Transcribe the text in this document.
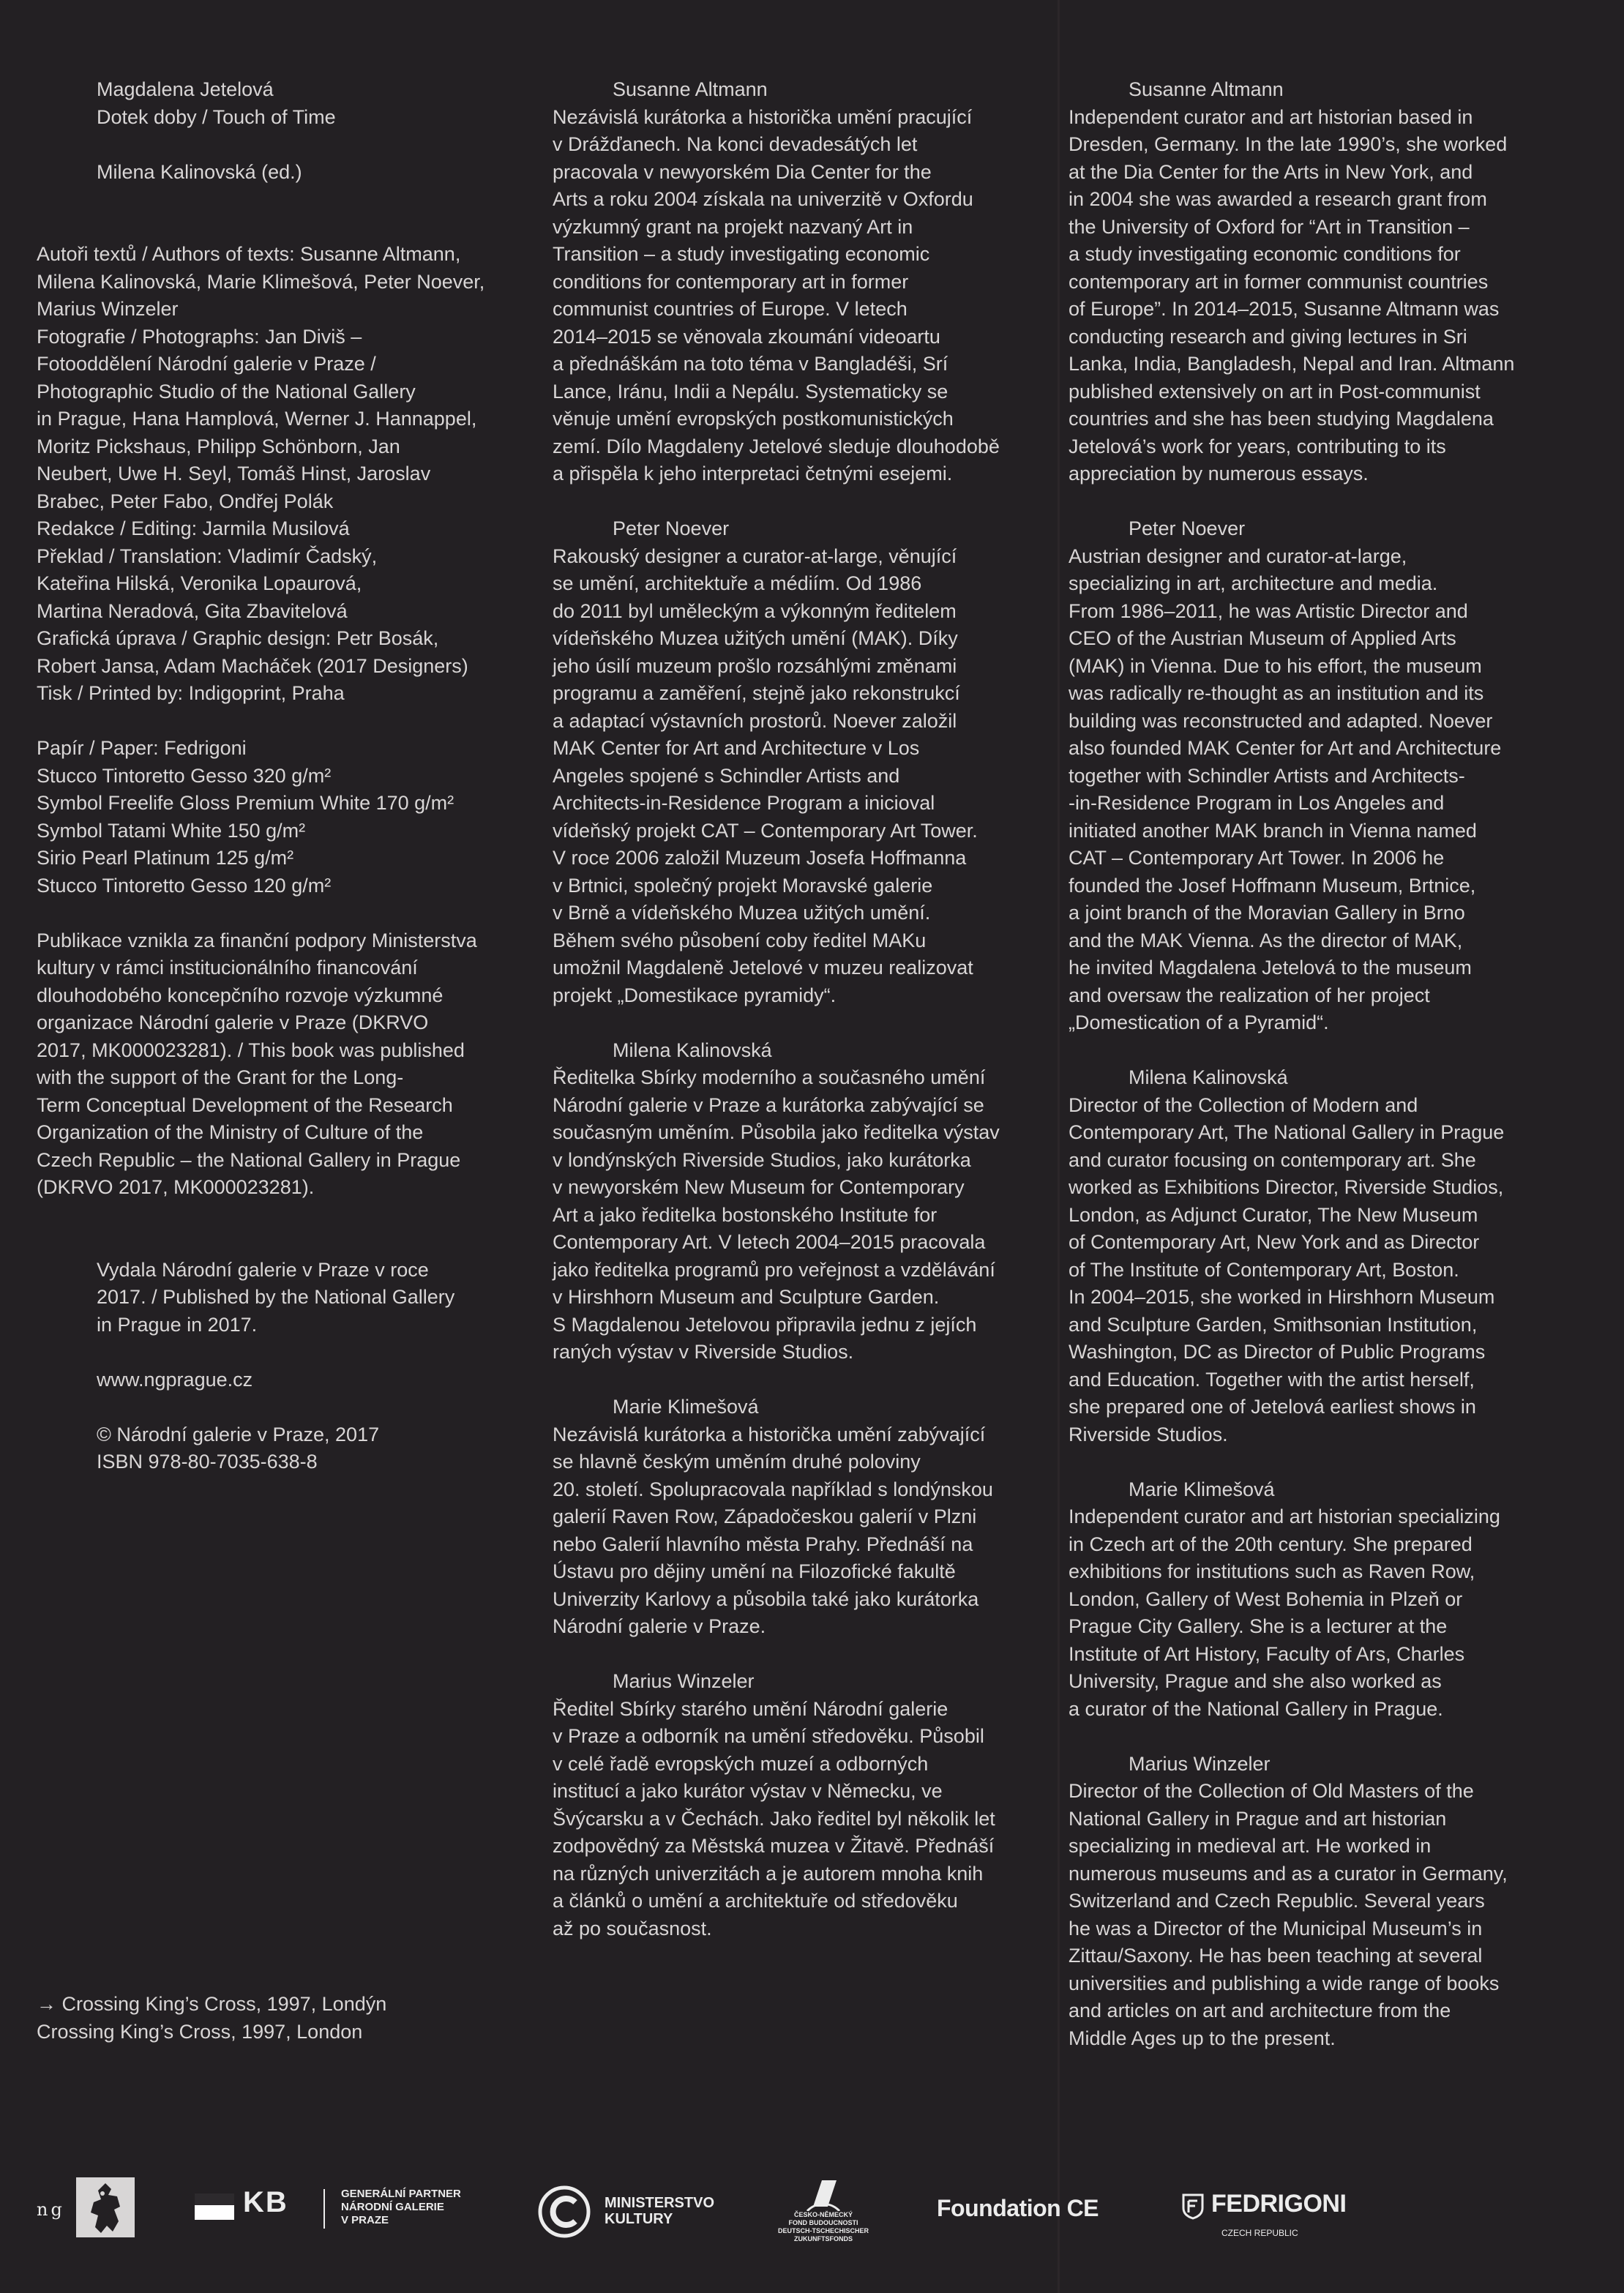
Magdalena Jetelová
Dotek doby / Touch of Time
Milena Kalinovská (ed.)
Autoři textů / Authors of texts: Susanne Altmann,
Milena Kalinovská, Marie Klimešová, Peter Noever,
Marius Winzeler
Fotografie / Photographs: Jan Diviš –
Fotooddělení Národní galerie v Praze /
Photographic Studio of the National Gallery
in Prague, Hana Hamplová, Werner J. Hannappel,
Moritz Pickshaus, Philipp Schönborn, Jan
Neubert, Uwe H. Seyl, Tomáš Hinst, Jaroslav
Brabec, Peter Fabo, Ondřej Polák
Redakce / Editing: Jarmila Musilová
Překlad / Translation: Vladimír Čadský,
Kateřina Hilská, Veronika Lopaurová,
Martina Neradová, Gita Zbavitelová
Grafická úprava / Graphic design: Petr Bosák,
Robert Jansa, Adam Macháček (2017 Designers)
Tisk / Printed by: Indigoprint, Praha
Papír / Paper: Fedrigoni
Stucco Tintoretto Gesso 320 g/m²
Symbol Freelife Gloss Premium White 170 g/m²
Symbol Tatami White 150 g/m²
Sirio Pearl Platinum 125 g/m²
Stucco Tintoretto Gesso 120 g/m²
Publikace vznikla za finanční podpory Ministerstva
kultury v rámci institucionálního financování
dlouhodobého koncepčního rozvoje výzkumné
organizace Národní galerie v Praze (DKRVO
2017, MK000023281). / This book was published
with the support of the Grant for the Long-
Term Conceptual Development of the Research
Organization of the Ministry of Culture of the
Czech Republic – the National Gallery in Prague
(DKRVO 2017, MK000023281).
Vydala Národní galerie v Praze v roce
2017. / Published by the National Gallery
in Prague in 2017.
www.ngprague.cz
© Národní galerie v Praze, 2017
ISBN 978-80-7035-638-8
→ Crossing King’s Cross, 1997, Londýn
Crossing King’s Cross, 1997, London
Susanne Altmann
Nezávislá kurátorka a historička umění pracující
v Drážďanech. Na konci devadesátých let
pracovala v newyorském Dia Center for the
Arts a roku 2004 získala na univerzitě v Oxfordu
výzkumný grant na projekt nazvaný Art in
Transition – a study investigating economic
conditions for contemporary art in former
communist countries of Europe. V letech
2014–2015 se věnovala zkoumání videoartu
a přednáškám na toto téma v Bangladéši, Srí
Lance, Iránu, Indii a Nepálu. Systematicky se
věnuje umění evropských postkomunistických
zemí. Dílo Magdaleny Jetelové sleduje dlouhodobě
a přispěla k jeho interpretaci četnými esejemi.
Peter Noever
Rakouský designer a curator-at-large, věnující
se umění, architektuře a médiím. Od 1986
do 2011 byl uměleckým a výkonným ředitelem
vídeňského Muzea užitých umění (MAK). Díky
jeho úsilí muzeum prošlo rozsáhlými změnami
programu a zaměření, stejně jako rekonstrukcí
a adaptací výstavních prostorů. Noever založil
MAK Center for Art and Architecture v Los
Angeles spojené s Schindler Artists and
Architects-in-Residence Program a inicioval
vídeňský projekt CAT – Contemporary Art Tower.
V roce 2006 založil Muzeum Josefa Hoffmanna
v Brtnici, společný projekt Moravské galerie
v Brně a vídeňského Muzea užitých umění.
Během svého působení coby ředitel MAKu
umožnil Magdaleně Jetelové v muzeu realizovat
projekt „Domestikace pyramidy“.
Milena Kalinovská
Ředitelka Sbírky moderního a současného umění
Národní galerie v Praze a kurátorka zabývající se
současným uměním. Působila jako ředitelka výstav
v londýnských Riverside Studios, jako kurátorka
v newyorském New Museum for Contemporary
Art a jako ředitelka bostonského Institute for
Contemporary Art. V letech 2004–2015 pracovala
jako ředitelka programů pro veřejnost a vzdělávání
v Hirshhorn Museum and Sculpture Garden.
S Magdalenou Jetelovou připravila jednu z jejích
raných výstav v Riverside Studios.
Marie Klimešová
Nezávislá kurátorka a historička umění zabývající
se hlavně českým uměním druhé poloviny
20. století. Spolupracovala například s londýnskou
galerií Raven Row, Západočeskou galerií v Plzni
nebo Galerií hlavního města Prahy. Přednáší na
Ústavu pro dějiny umění na Filozofické fakultě
Univerzity Karlovy a působila také jako kurátorka
Národní galerie v Praze.
Marius Winzeler
Ředitel Sbírky starého umění Národní galerie
v Praze a odborník na umění středověku. Působil
v celé řadě evropských muzeí a odborných
institucí a jako kurátor výstav v Německu, ve
Švýcarsku a v Čechách. Jako ředitel byl několik let
zodpovědný za Městská muzea v Žitavě. Přednáší
na různých univerzitách a je autorem mnoha knih
a článků o umění a architektuře od středověku
až po současnost.
Susanne Altmann
Independent curator and art historian based in
Dresden, Germany. In the late 1990’s, she worked
at the Dia Center for the Arts in New York, and
in 2004 she was awarded a research grant from
the University of Oxford for “Art in Transition –
a study investigating economic conditions for
contemporary art in former communist countries
of Europe”. In 2014–2015, Susanne Altmann was
conducting research and giving lectures in Sri
Lanka, India, Bangladesh, Nepal and Iran. Altmann
published extensively on art in Post-communist
countries and she has been studying Magdalena
Jetelová’s work for years, contributing to its
appreciation by numerous essays.
Peter Noever
Austrian designer and curator-at-large,
specializing in art, architecture and media.
From 1986–2011, he was Artistic Director and
CEO of the Austrian Museum of Applied Arts
(MAK) in Vienna. Due to his effort, the museum
was radically re-thought as an institution and its
building was reconstructed and adapted. Noever
also founded MAK Center for Art and Architecture
together with Schindler Artists and Architects-
-in-Residence Program in Los Angeles and
initiated another MAK branch in Vienna named
CAT – Contemporary Art Tower. In 2006 he
founded the Josef Hoffmann Museum, Brtnice,
a joint branch of the Moravian Gallery in Brno
and the MAK Vienna. As the director of MAK,
he invited Magdalena Jetelová to the museum
and oversaw the realization of her project
„Domestication of a Pyramid“.
Milena Kalinovská
Director of the Collection of Modern and
Contemporary Art, The National Gallery in Prague
and curator focusing on contemporary art. She
worked as Exhibitions Director, Riverside Studios,
London, as Adjunct Curator, The New Museum
of Contemporary Art, New York and as Director
of The Institute of Contemporary Art, Boston.
In 2004–2015, she worked in Hirshhorn Museum
and Sculpture Garden, Smithsonian Institution,
Washington, DC as Director of Public Programs
and Education. Together with the artist herself,
she prepared one of Jetelová earliest shows in
Riverside Studios.
Marie Klimešová
Independent curator and art historian specializing
in Czech art of the 20th century. She prepared
exhibitions for institutions such as Raven Row,
London, Gallery of West Bohemia in Plzeň or
Prague City Gallery. She is a lecturer at the
Institute of Art History, Faculty of Ars, Charles
University, Prague and she also worked as
a curator of the National Gallery in Prague.
Marius Winzeler
Director of the Collection of Old Masters of the
National Gallery in Prague and art historian
specializing in medieval art. He worked in
numerous museums and as a curator in Germany,
Switzerland and Czech Republic. Several years
he was a Director of the Municipal Museum’s in
Zittau/Saxony. He has been teaching at several
universities and publishing a wide range of books
and articles on art and architecture from the
Middle Ages up to the present.
ng	KB	GENERÁLNÍ PARTNER
NÁRODNÍ GALERIE
V PRAZE
MINISTERSTVO
KULTURY	ČESKO-NĚMECKÝ
FOND BUDOUCNOSTI
DEUTSCH-TSCHECHISCHER
ZUKUNFTSFONDS
Foundation CE	FEDRIGONI
CZECH REPUBLIC
